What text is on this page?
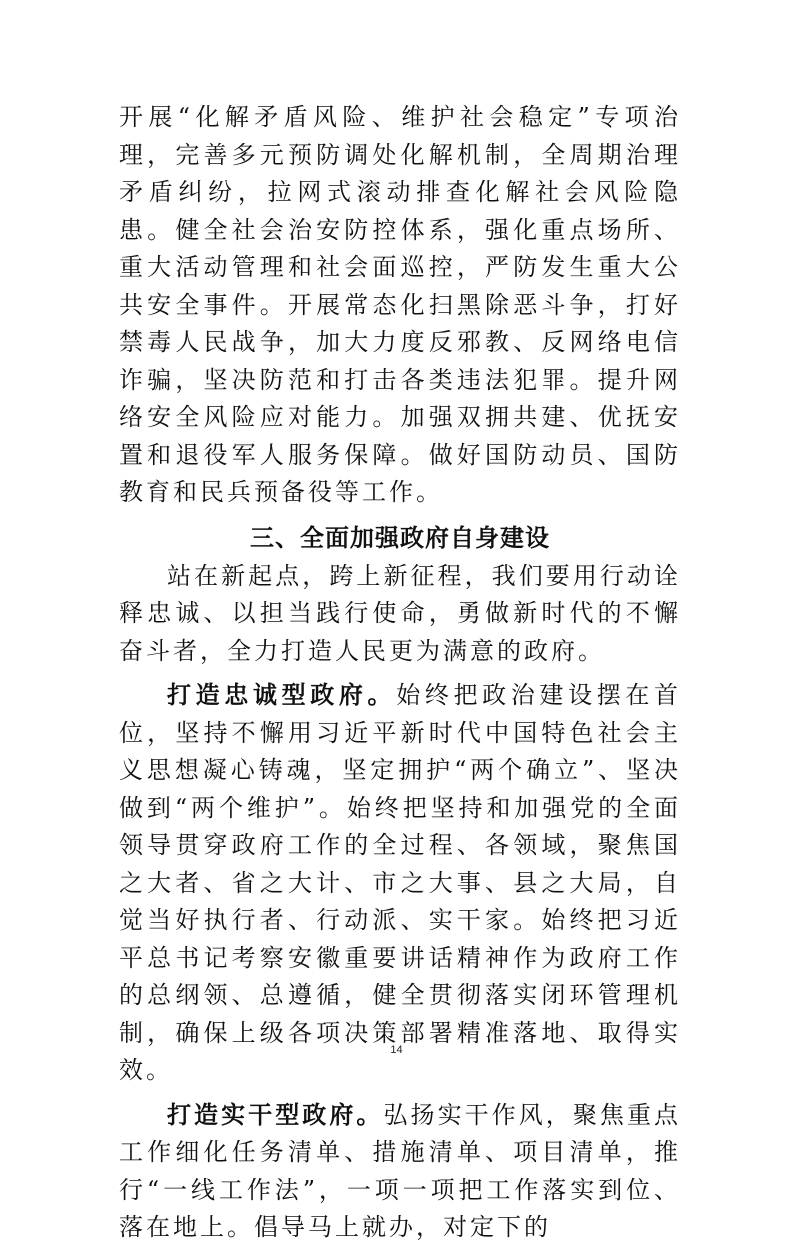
开展“化解矛盾风险、维护社会稳定”专项治理，完善多元预防调处化解机制，全周期治理矛盾纠纷，拉网式滚动排查化解社会风险隐患。健全社会治安防控体系，强化重点场所、重大活动管理和社会面巡控，严防发生重大公共安全事件。开展常态化扫黑除恶斗争，打好禁毒人民战争，加大力度反邪教、反网络电信诈骗，坚决防范和打击各类违法犯罪。提升网络安全风险应对能力。加强双拥共建、优抚安置和退役军人服务保障。做好国防动员、国防教育和民兵预备役等工作。

三、全面加强政府自身建设

站在新起点，跨上新征程，我们要用行动诠释忠诚、以担当践行使命，勇做新时代的不懈奋斗者，全力打造人民更为满意的政府。

打造忠诚型政府。始终把政治建设摆在首位，坚持不懈用习近平新时代中国特色社会主义思想凝心铸魂，坚定拥护“两个确立”、坚决做到“两个维护”。始终把坚持和加强党的全面领导贯穿政府工作的全过程、各领域，聚焦国之大者、省之大计、市之大事、县之大局，自觉当好执行者、行动派、实干家。始终把习近平总书记考察安徽重要讲话精神作为政府工作的总纲领、总遵循，健全贯彻落实闭环管理机制，确保上级各项决策部署精准落地、取得实效。

打造实干型政府。弘扬实干作风，聚焦重点工作细化任务清单、措施清单、项目清单，推行“一线工作法”，一项一项把工作落实到位、落在地上。倡导马上就办，对定下的

14
